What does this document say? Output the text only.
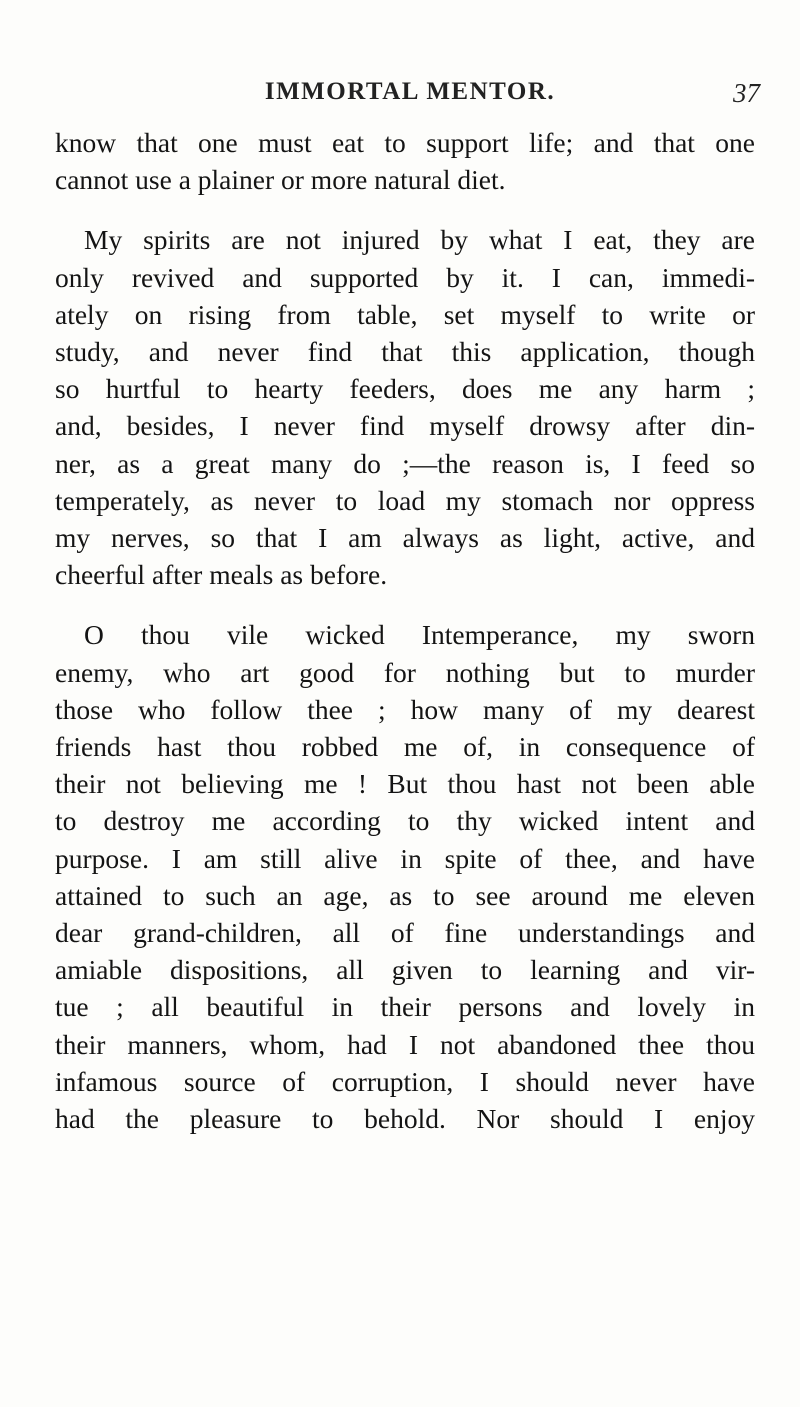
IMMORTAL MENTOR.	37

know that one must eat to support life; and that one
cannot use a plainer or more natural diet.

My spirits are not injured by what I eat, they are
only revived and supported by it. I can, immedi-
ately on rising from table, set myself to write or
study, and never find that this application, though
so hurtful to hearty feeders, does me any harm ;
and, besides, I never find myself drowsy after din-
ner, as a great many do ;—the reason is, I feed so
temperately, as never to load my stomach nor oppress
my nerves, so that I am always as light, active, and
cheerful after meals as before.

O thou vile wicked Intemperance, my sworn
enemy, who art good for nothing but to murder
those who follow thee ; how many of my dearest
friends hast thou robbed me of, in consequence of
their not believing me ! But thou hast not been able
to destroy me according to thy wicked intent and
purpose. I am still alive in spite of thee, and have
attained to such an age, as to see around me eleven
dear grand-children, all of fine understandings and
amiable dispositions, all given to learning and vir-
tue ; all beautiful in their persons and lovely in
their manners, whom, had I not abandoned thee thou
infamous source of corruption, I should never have
had the pleasure to behold. Nor should I enjoy
